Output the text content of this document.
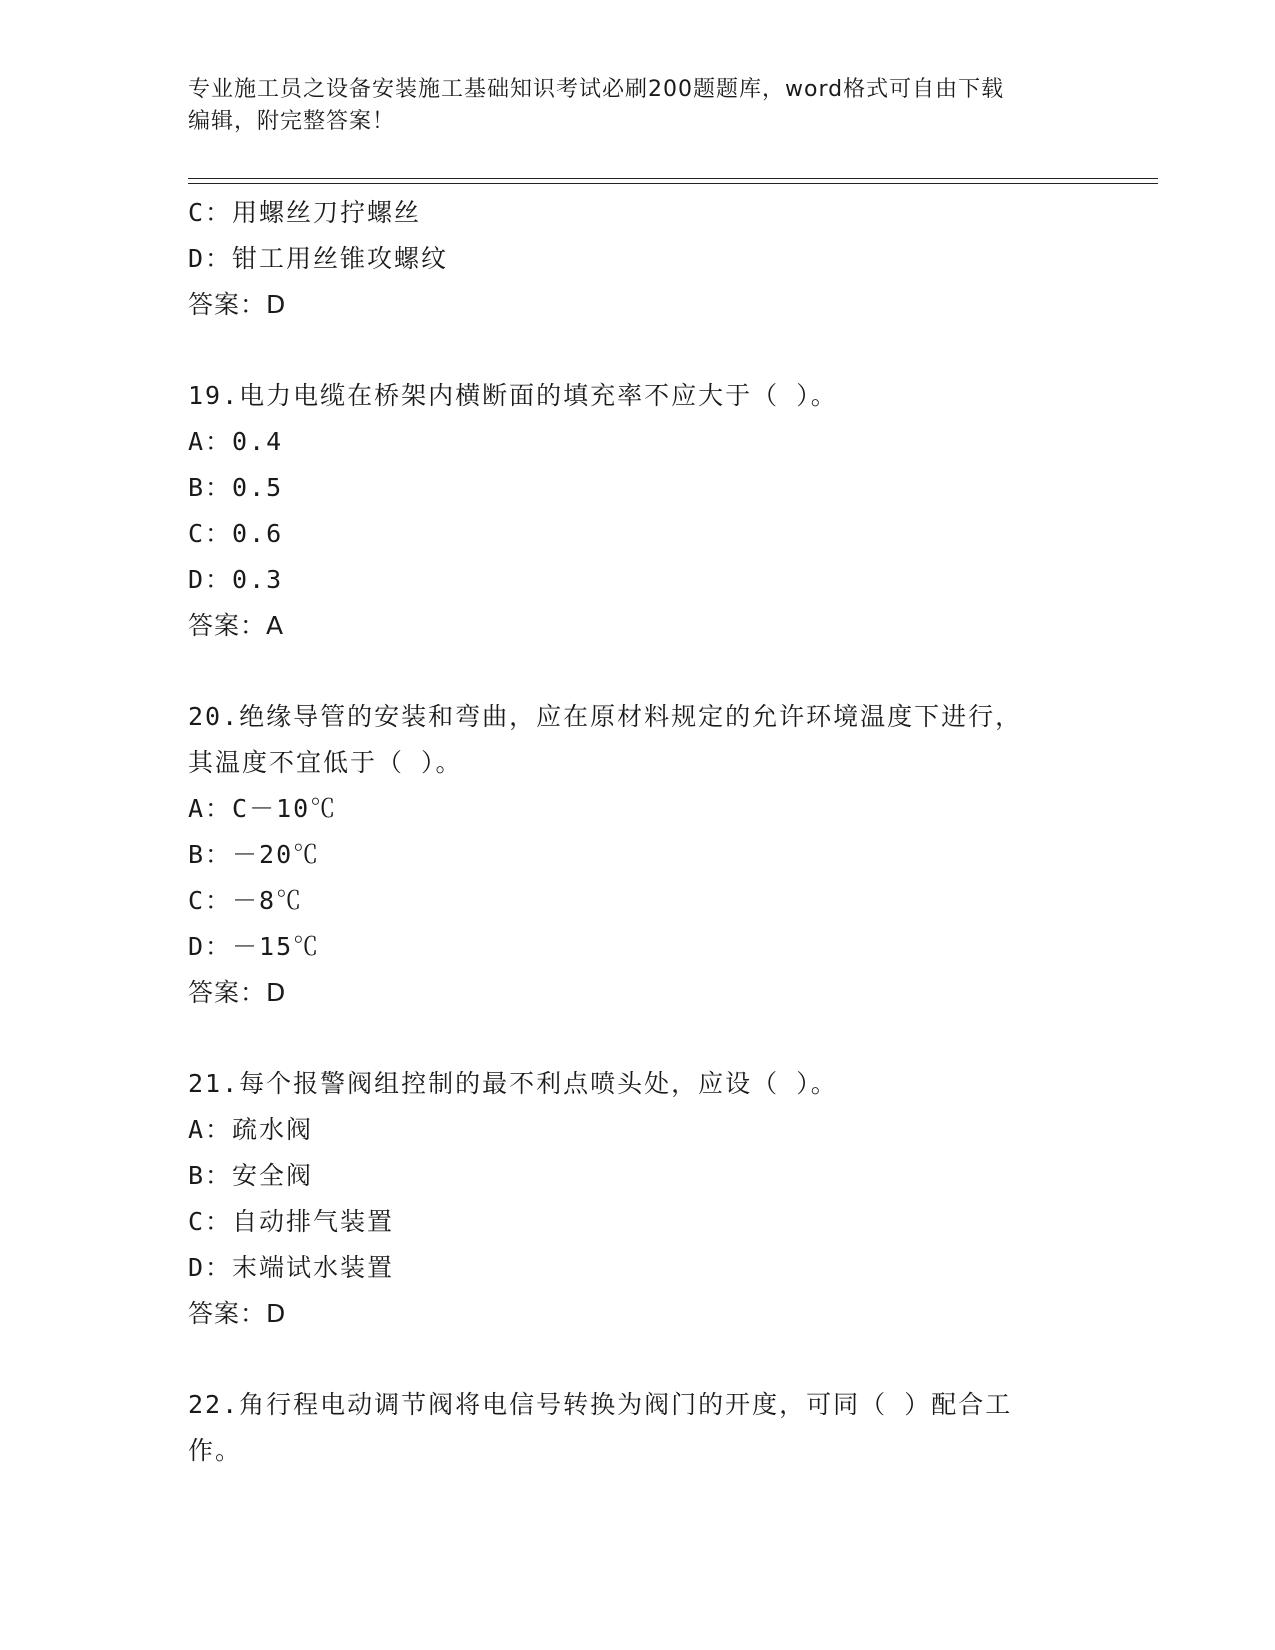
专业施工员之设备安装施工基础知识考试必刷200题题库，word格式可自由下载
编辑，附完整答案！
C：用螺丝刀拧螺丝
D：钳工用丝锥攻螺纹
答案：D
19.电力电缆在桥架内横断面的填充率不应大于（ ）。
A：0.4
B：0.5
C：0.6
D：0.3
答案：A
20.绝缘导管的安装和弯曲，应在原材料规定的允许环境温度下进行，
其温度不宜低于（ ）。
A：C－10℃
B：－20℃
C：－8℃
D：－15℃
答案：D
21.每个报警阀组控制的最不利点喷头处，应设（ ）。
A：疏水阀
B：安全阀
C：自动排气装置
D：末端试水装置
答案：D
22.角行程电动调节阀将电信号转换为阀门的开度，可同（ ）配合工
作。
